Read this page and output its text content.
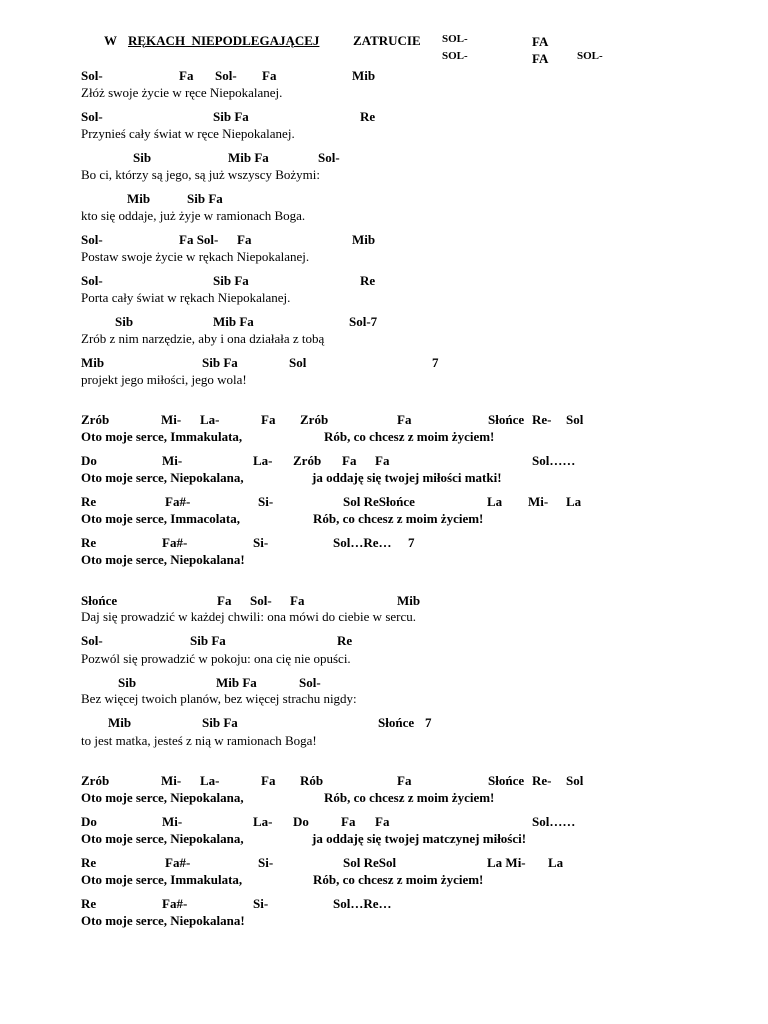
W RĘKACH  NIEPODLEGAJĄCEJ	ZATRUCIE SOL-
SOL-
FA
FA	SOL-
Sol-	Fa Sol- Fa	Mib
Złóż swoje życie w ręce Niepokalanej.
Sol-	Sib Fa	Re
Przynieś cały świat w ręce Niepokalanej.
Sib	Mib Fa	Sol-
Bo ci, którzy są jego, są już wszyscy Bożymi:
Mib	Sib Fa
kto się oddaje, już żyje w ramionach Boga.
Sol-	Fa Sol- Fa	Mib
Postaw swoje życie w rękach Niepokalanej.
Sol-	Sib Fa	Re
Porta cały świat w rękach Niepokalanej.
Sib	Mib Fa	Sol-7
Zrób z nim narzędzie, aby i ona działała z tobą
Mib	Sib Fa	Sol	7
projekt jego miłości, jego wola!
Zrób	Mi- La-	Fa Zrób	Fa	Słońce Re- Sol
Oto moje serce, Immakulata,	Rób, co chcesz z moim życiem!
Do	Mi-	La- Zrób Fa Fa	Sol……
Oto moje serce, Niepokalana,	ja oddaję się twojej miłości matki!
Re	Fa#-	Si-	Sol ReSłońce	La Mi- La
Oto moje serce, Immacolata,	Rób, co chcesz z moim życiem!
Re	Fa#-	Si-	Sol…Re… 7
Oto moje serce, Niepokalana!
Słońce	Fa Sol- Fa	Mib
Daj się prowadzić w każdej chwili: ona mówi do ciebie w sercu.
Sol-	Sib Fa	Re
Pozwól się prowadzić w pokoju: ona cię nie opuści.
Sib	Mib Fa	Sol-
Bez więcej twoich planów, bez więcej strachu nigdy:
Mib	Sib Fa	Słońce 7
to jest matka, jesteś z nią w ramionach Boga!
Zrób	Mi- La-	Fa Rób	Fa	Słońce Re- Sol
Oto moje serce, Niepokalana,	Rób, co chcesz z moim życiem!
Do	Mi-	La- Do Fa Fa	Sol……
Oto moje serce, Niepokalana,	ja oddaję się twojej matczynej miłości!
Re	Fa#-	Si-	Sol ReSol	La Mi- La
Oto moje serce, Immakulata,	Rób, co chcesz z moim życiem!
Re	Fa#-	Si-	Sol…Re…
Oto moje serce, Niepokalana!
